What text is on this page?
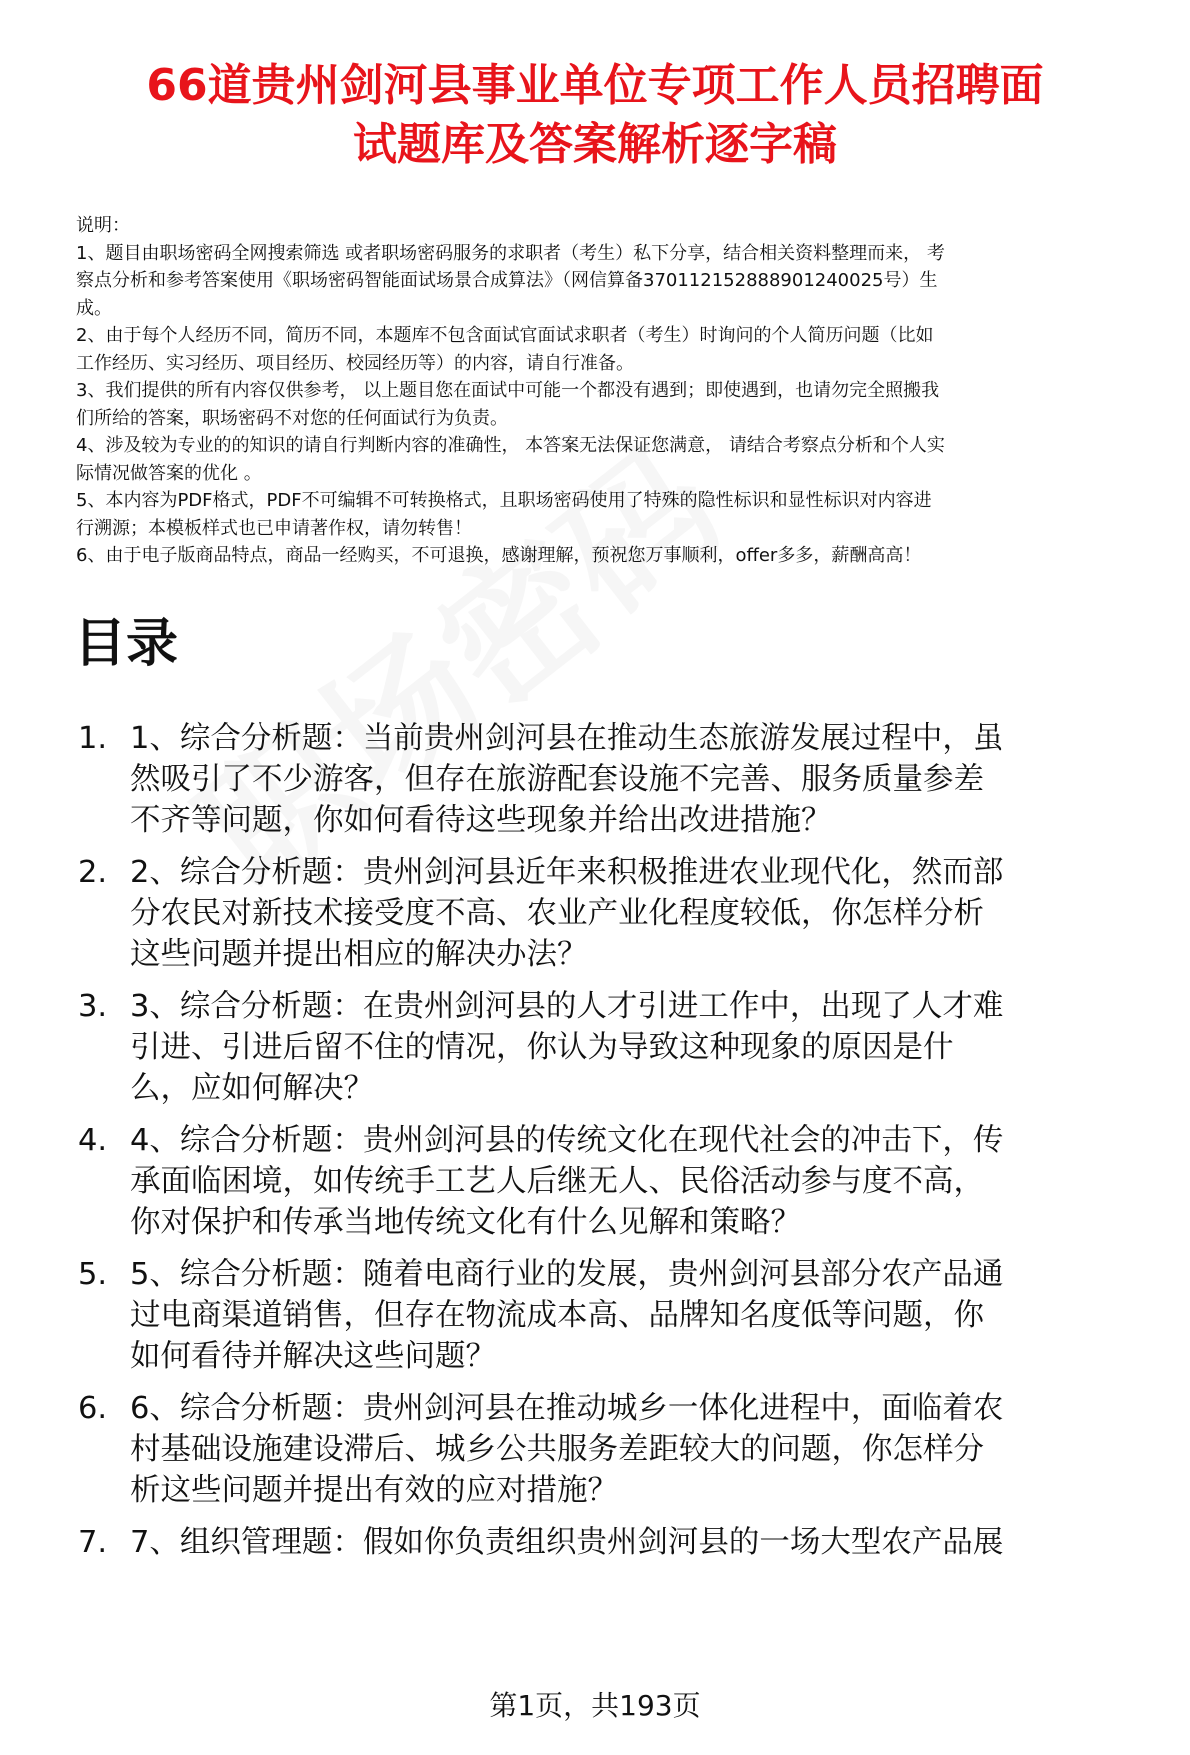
66道贵州剑河县事业单位专项工作人员招聘面
试题库及答案解析逐字稿
说明：
1、题目由职场密码全网搜索筛选 或者职场密码服务的求职者（考生）私下分享，结合相关资料整理而来， 考
察点分析和参考答案使用《职场密码智能面试场景合成算法》（网信算备370112152888901240025号）生
成。
2、由于每个人经历不同，简历不同，本题库不包含面试官面试求职者（考生）时询问的个人简历问题（比如
工作经历、实习经历、项目经历、校园经历等）的内容，请自行准备。
3、我们提供的所有内容仅供参考， 以上题目您在面试中可能一个都没有遇到；即使遇到，也请勿完全照搬我
们所给的答案，职场密码不对您的任何面试行为负责。
4、涉及较为专业的的知识的请自行判断内容的准确性， 本答案无法保证您满意， 请结合考察点分析和个人实
际情况做答案的优化 。
5、本内容为PDF格式，PDF不可编辑不可转换格式，且职场密码使用了特殊的隐性标识和显性标识对内容进
行溯源；本模板样式也已申请著作权，请勿转售！
6、由于电子版商品特点，商品一经购买，不可退换，感谢理解，预祝您万事顺利，offer多多，薪酬高高！
目录
1. 1、综合分析题：当前贵州剑河县在推动生态旅游发展过程中，虽
然吸引了不少游客，但存在旅游配套设施不完善、服务质量参差
不齐等问题，你如何看待这些现象并给出改进措施？
2. 2、综合分析题：贵州剑河县近年来积极推进农业现代化，然而部
分农民对新技术接受度不高、农业产业化程度较低，你怎样分析
这些问题并提出相应的解决办法？
3. 3、综合分析题：在贵州剑河县的人才引进工作中，出现了人才难
引进、引进后留不住的情况，你认为导致这种现象的原因是什
么，应如何解决？
4. 4、综合分析题：贵州剑河县的传统文化在现代社会的冲击下，传
承面临困境，如传统手工艺人后继无人、民俗活动参与度不高，
你对保护和传承当地传统文化有什么见解和策略？
5. 5、综合分析题：随着电商行业的发展，贵州剑河县部分农产品通
过电商渠道销售，但存在物流成本高、品牌知名度低等问题，你
如何看待并解决这些问题？
6. 6、综合分析题：贵州剑河县在推动城乡一体化进程中，面临着农
村基础设施建设滞后、城乡公共服务差距较大的问题，你怎样分
析这些问题并提出有效的应对措施？
7. 7、组织管理题：假如你负责组织贵州剑河县的一场大型农产品展
第1页，共193页
